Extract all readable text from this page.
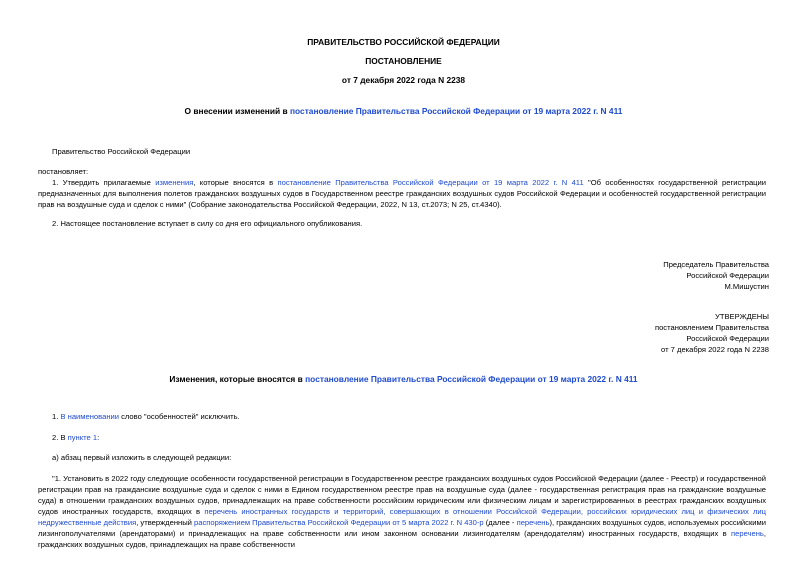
ПРАВИТЕЛЬСТВО РОССИЙСКОЙ ФЕДЕРАЦИИ
ПОСТАНОВЛЕНИЕ
от 7 декабря 2022 года N 2238
О внесении изменений в постановление Правительства Российской Федерации от 19 марта 2022 г. N 411
Правительство Российской Федерации
постановляет:
1. Утвердить прилагаемые изменения, которые вносятся в постановление Правительства Российской Федерации от 19 марта 2022 г. N 411 "Об особенностях государственной регистрации предназначенных для выполнения полетов гражданских воздушных судов в Государственном реестре гражданских воздушных судов Российской Федерации и особенностей государственной регистрации прав на воздушные суда и сделок с ними" (Собрание законодательства Российской Федерации, 2022, N 13, ст.2073; N 25, ст.4340).
2. Настоящее постановление вступает в силу со дня его официального опубликования.
Председатель Правительства
Российской Федерации
М.Мишустин
УТВЕРЖДЕНЫ
постановлением Правительства
Российской Федерации
от 7 декабря 2022 года N 2238
Изменения, которые вносятся в постановление Правительства Российской Федерации от 19 марта 2022 г. N 411
1. В наименовании слово "особенностей" исключить.
2. В пункте 1:
а) абзац первый изложить в следующей редакции:
"1. Установить в 2022 году следующие особенности государственной регистрации в Государственном реестре гражданских воздушных судов Российской Федерации (далее - Реестр) и государственной регистрации прав на гражданские воздушные суда и сделок с ними в Едином государственном реестре прав на воздушные суда (далее - государственная регистрация прав на гражданские воздушные суда) в отношении гражданских воздушных судов, принадлежащих на праве собственности российским юридическим или физическим лицам и зарегистрированных в реестрах гражданских воздушных судов иностранных государств, входящих в перечень иностранных государств и территорий, совершающих в отношении Российской Федерации, российских юридических лиц и физических лиц недружественные действия, утвержденный распоряжением Правительства Российской Федерации от 5 марта 2022 г. N 430-р (далее - перечень), гражданских воздушных судов, используемых российскими лизингополучателями (арендаторами) и принадлежащих на праве собственности или ином законном основании лизингодателям (арендодателям) иностранных государств, входящих в перечень, гражданских воздушных судов, принадлежащих на праве собственности
